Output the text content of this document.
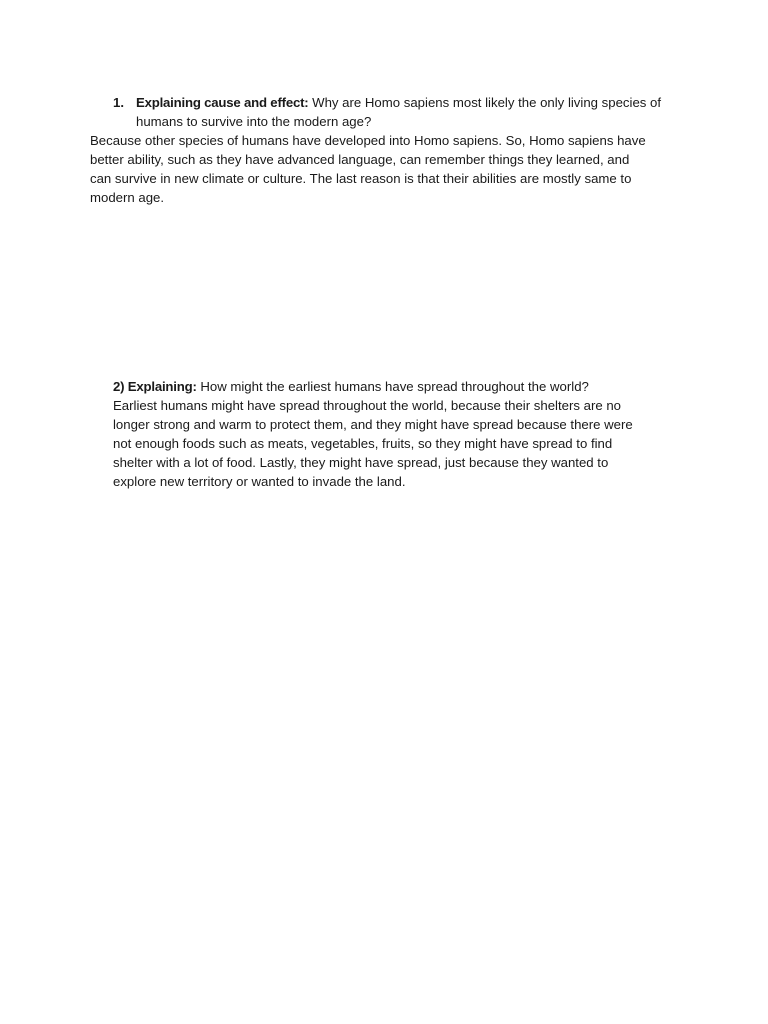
1. Explaining cause and effect: Why are Homo sapiens most likely the only living species of humans to survive into the modern age?
Because other species of humans have developed into Homo sapiens. So, Homo sapiens have
better ability, such as they have advanced language, can remember things they learned, and
can survive in new climate or culture. The last reason is that their abilities are mostly same to
modern age.
2) Explaining: How might the earliest humans have spread throughout the world?
Earliest humans might have spread throughout the world, because their shelters are no
longer strong and warm to protect them, and they might have spread because there were
not enough foods such as meats, vegetables, fruits, so they might have spread to find
shelter with a lot of food. Lastly, they might have spread, just because they wanted to
explore new territory or wanted to invade the land.
